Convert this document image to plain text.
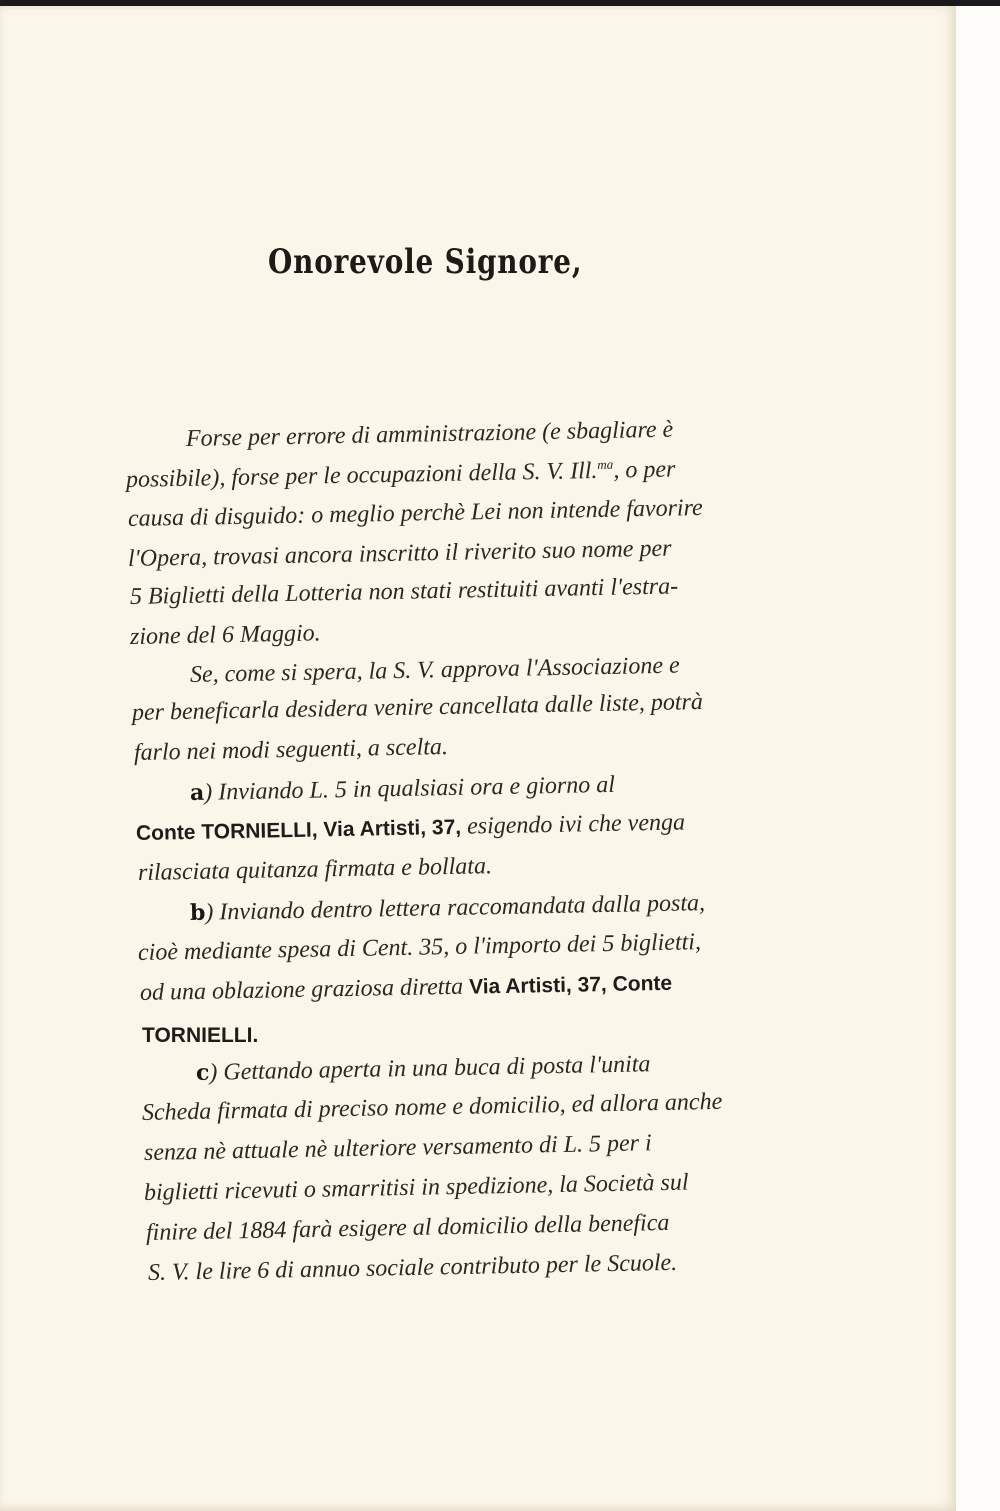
Onorevole Signore,
Forse per errore di amministrazione (e sbagliare è
possibile), forse per le occupazioni della S. V. Ill.$^{ma}$, o per
causa di disguido: o meglio perchè Lei non intende favorire
l'Opera, trovasi ancora inscritto il riverito suo nome per
5 Biglietti della Lotteria non stati restituiti avanti l'estra-
zione del 6 Maggio.
Se, come si spera, la S. V. approva l'Associazione e
per beneficarla desidera venire cancellata dalle liste, potrà
farlo nei modi seguenti, a scelta.
a) Inviando L. 5 in qualsiasi ora e giorno al
Conte TORNIELLI, Via Artisti, 37, esigendo ivi che venga
rilasciata quitanza firmata e bollata.
b) Inviando dentro lettera raccomandata dalla posta,
cioè mediante spesa di Cent. 35, o l'importo dei 5 biglietti,
od una oblazione graziosa diretta Via Artisti, 37, Conte
TORNIELLI.
c) Gettando aperta in una buca di posta l'unita
Scheda firmata di preciso nome e domicilio, ed allora anche
senza nè attuale nè ulteriore versamento di L. 5 per i
biglietti ricevuti o smarritisi in spedizione, la Società sul
finire del 1884 farà esigere al domicilio della benefica
S. V. le lire 6 di annuo sociale contributo per le Scuole.
